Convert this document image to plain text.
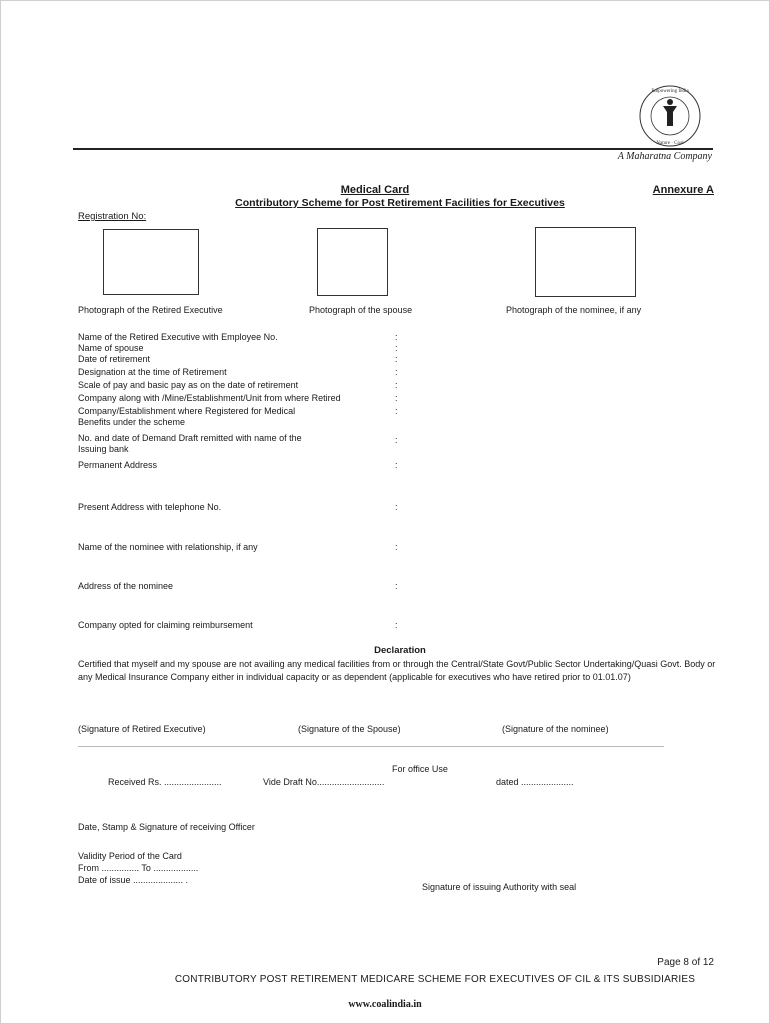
Empowering India
Nature · Coal
A Maharatna Company
Medical Card	Annexure A
Contributory Scheme for Post Retirement Facilities for Executives
Registration No:
Photograph of the Retired Executive	Photograph of the spouse	Photograph of the nominee, if any
Name of the Retired Executive with Employee No.	:
Name of spouse	:
Date of retirement	:
Designation at the time of Retirement	:
Scale of pay and basic pay as on the date of retirement	:
Company along with /Mine/Establishment/Unit from where Retired	:
Company/Establishment where Registered for Medical
Benefits under the scheme
:
No. and date of Demand Draft remitted with name of the
Issuing bank
:
Permanent Address	:
Present Address with telephone No.	:
Name of the nominee with relationship, if any	:
Address of the nominee	:
Company opted for claiming reimbursement	:
Declaration
Certified that myself and my spouse are not availing any medical facilities from or through the Central/State Govt/Public Sector Undertaking/Quasi Govt. Body or any Medical Insurance Company either in individual capacity or as dependent (applicable for executives who have retired prior to 01.01.07)
(Signature of Retired Executive)	(Signature of the Spouse)	(Signature of the nominee)
For office Use
Received Rs. .......................	Vide Draft No...........................	dated .....................
Date, Stamp & Signature of receiving Officer
Validity Period of the Card
From ............... To ..................
Date of issue .................... .
Signature of issuing Authority with seal
Page 8 of 12
CONTRIBUTORY POST RETIREMENT MEDICARE SCHEME FOR EXECUTIVES OF CIL & ITS SUBSIDIARIES
www.coalindia.in
